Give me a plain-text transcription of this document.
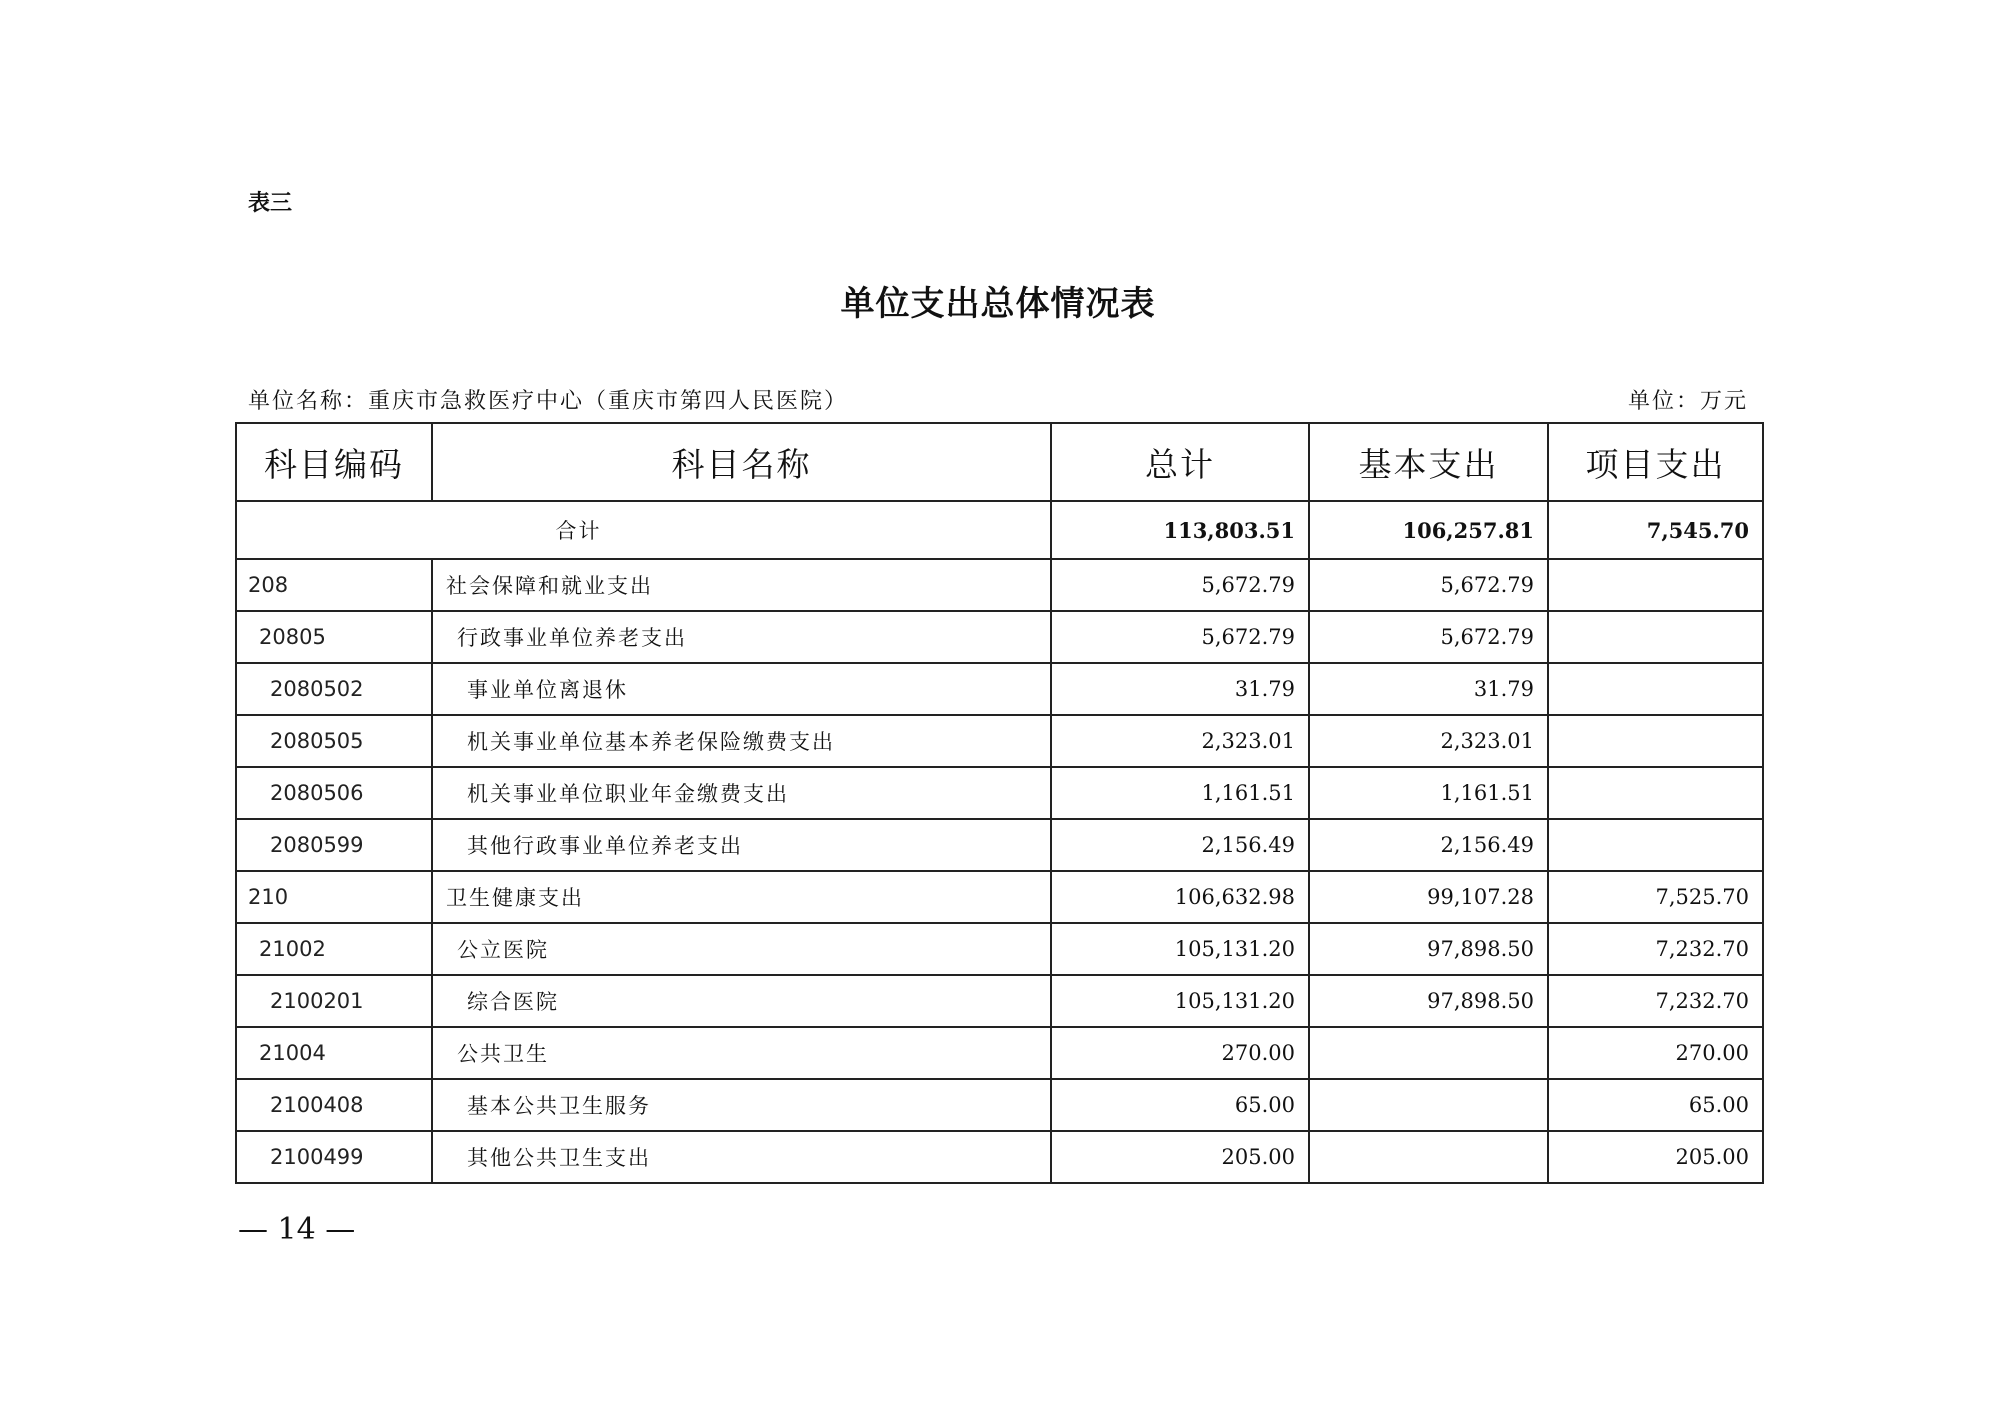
表三
单位支出总体情况表
单位名称：重庆市急救医疗中心（重庆市第四人民医院）	单位：万元
科目编码	科目名称	总计	基本支出	项目支出
合计		113,803.51	106,257.81	7,545.70
208	社会保障和就业支出	5,672.79	5,672.79	
20805	行政事业单位养老支出	5,672.79	5,672.79	
2080502	事业单位离退休	31.79	31.79	
2080505	机关事业单位基本养老保险缴费支出	2,323.01	2,323.01	
2080506	机关事业单位职业年金缴费支出	1,161.51	1,161.51	
2080599	其他行政事业单位养老支出	2,156.49	2,156.49	
210	卫生健康支出	106,632.98	99,107.28	7,525.70
21002	公立医院	105,131.20	97,898.50	7,232.70
2100201	综合医院	105,131.20	97,898.50	7,232.70
21004	公共卫生	270.00		270.00
2100408	基本公共卫生服务	65.00		65.00
2100499	其他公共卫生支出	205.00		205.00
— 14 —
